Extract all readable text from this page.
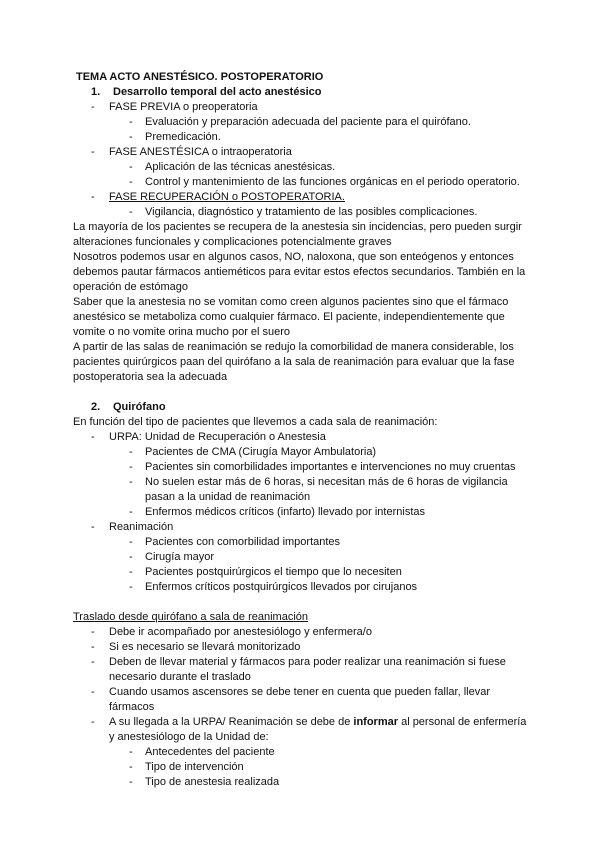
TEMA ACTO ANESTÉSICO. POSTOPERATORIO
1. Desarrollo temporal del acto anestésico
-	FASE PREVIA o preoperatoria
-	Evaluación y preparación adecuada del paciente para el quirófano.
-	Premedicación.
-	FASE ANESTÉSICA o intraoperatoria
-	Aplicación de las técnicas anestésicas.
-	Control y mantenimiento de las funciones orgánicas en el periodo operatorio.
-	FASE RECUPERACIÓN o POSTOPERATORIA.
-	Vigilancia, diagnóstico y tratamiento de las posibles complicaciones.

La mayoría de los pacientes se recupera de la anestesia sin incidencias, pero pueden surgir alteraciones funcionales y complicaciones potencialmente graves

Nosotros podemos usar en algunos casos, NO, naloxona, que son enteógenos y entonces debemos pautar fármacos antieméticos para evitar estos efectos secundarios. También en la operación de estómago

Saber que la anestesia no se vomitan como creen algunos pacientes sino que el fármaco anestésico se metaboliza como cualquier fármaco. El paciente, independientemente que vomite o no vomite orina mucho por el suero

A partir de las salas de reanimación se redujo la comorbilidad de manera considerable, los pacientes quirúrgicos paan del quirófano a la sala de reanimación para evaluar que la fase postoperatoria sea la adecuada

2. Quirófano
En función del tipo de pacientes que llevemos a cada sala de reanimación:
-	URPA: Unidad de Recuperación o Anestesia
-	Pacientes de CMA (Cirugía Mayor Ambulatoria)
-	Pacientes sin comorbilidades importantes e intervenciones no muy cruentas
-	No suelen estar más de 6 horas, si necesitan más de 6 horas de vigilancia pasan a la unidad de reanimación
-	Enfermos médicos críticos (infarto) llevado por internistas
-	Reanimación
-	Pacientes con comorbilidad importantes
-	Cirugía mayor
-	Pacientes postquirúrgicos el tiempo que lo necesiten
-	Enfermos críticos postquirúrgicos llevados por cirujanos
Traslado desde quirófano a sala de reanimación
-	Debe ir acompañado por anestesiólogo y enfermera/o
-	Si es necesario se llevará monitorizado
-	Deben de llevar material y fármacos para poder realizar una reanimación si fuese necesario durante el traslado
-	Cuando usamos ascensores se debe tener en cuenta que pueden fallar, llevar fármacos
-	A su llegada a la URPA/ Reanimación se debe de informar al personal de enfermería y anestesiólogo de la Unidad de:
-	Antecedentes del paciente
-	Tipo de intervención
-	Tipo de anestesia realizada
